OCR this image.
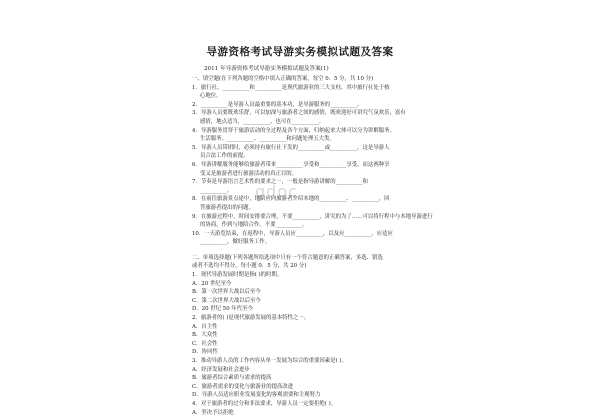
导游资格考试导游实务模拟试题及答案
2011 年导游资格考试导游实务模拟试题及答案(1)
gdoc
一、填空题(在下列各题的空格中填入正确的答案，每空 0．5 分，共 10 分)
1．旅行社、__________和__________是现代旅游业的三大支柱，其中旅行社处于核
心地位。
2．__________是导游人员最重要的基本功，是导游服务的__________。
3．导游人员要既欢乐舒，可以加深与旅游者之间的感情，既欢迎好可讲究气氛欢乐，富有
感情，地点适当，__________，也可在__________。
4．导游服务贯穿于旅游活动的全过程及各个方面，归纳起来大体可以分为讲解服务、
生活服务、__________、__________和问题处理五大类。
5．导游人员带团时，必须持有旅行社下发的__________或__________，这是导游人
员合法工作的前提。
6．导游讲解服务能够给旅游者带来__________享受和__________享受，而这两种享
受又是旅游者进行旅游活动的真正目的。
7．节奏是导游语言艺术性的要求之一，一般是指导游讲解的__________和
__________。
8．在前往旅游景点途中，地陪应向旅游者介绍本地的__________、__________，回
答旅游者提出的问题。
9．在旅游过程中，时间安排要合理，不要__________，讲究的为了……可以将行程中与本地导游进行
的协商，作到与地陪合作，不要__________。
10．一天游览结束，在返程中，导游人员应__________，以及应__________，应适应
__________，做好服务工作。
二、单项选择题(下列各题所给选项中只有一个符合题意的正确答案，多选、错选
或者不选均不得分，每小题 0．5 分，共 20 分)
1．现代导游发展时期是指( )的时期。
A．20 世纪至今
B．第一次世界大战以后至今
C．第二次世界大战以后至今
D．20 世纪 50 年代至今
2．旅游者的( )是现代旅游发展的基本特性之一。
A．自主性
B．大众性
C．社会性
D．协同性
3．推动导游人员的工作内容从单一发展为综合的重要因素是( )。
A．经济发展和社会进步
B．旅游者综合素质与需求的提高
C．旅游者需求的变化与旅游业的提高改进
D．导游人员适应职业发展变化的客观需要和主观努力
4．对于旅游者的过分和非法要求，导游人员一定要拒绝( )。
A．坚决予以拒绝
